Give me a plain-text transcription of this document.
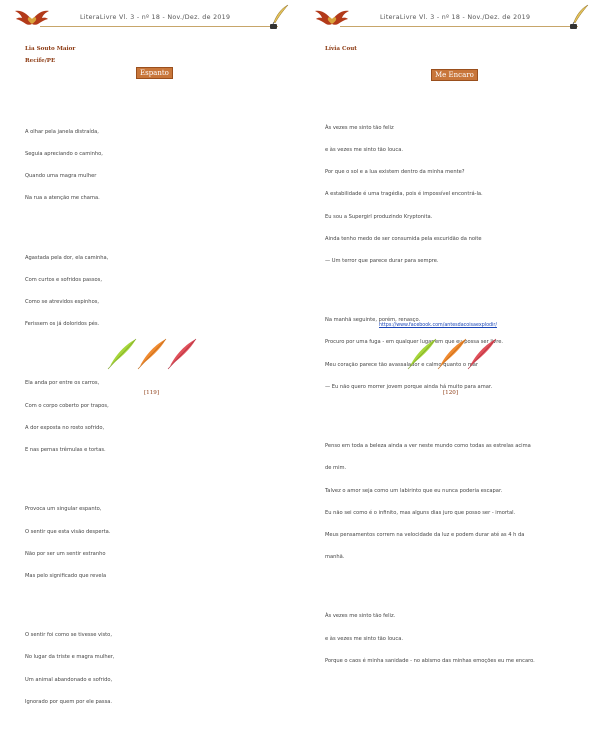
LiteraLivre Vl. 3 - nº 18 - Nov./Dez. de 2019
Lia Souto Maior
Recife/PE
Espanto

A olhar pela janela distraída,

Seguia apreciando o caminho,

Quando uma magra mulher

Na rua a atenção me chama.

Agastada pela dor, ela caminha,

Com curtos e sofridos passos,

Como se atrevidos espinhos,

Ferissem os já doloridos pés.

Ela anda por entre os carros,

Com o corpo coberto por trapos,

A dor exposta no rosto sofrido,

E nas pernas trêmulas e tortas.

Provoca um singular espanto,

O sentir que esta visão desperta.

Não por ser um sentir estranho

Mas pelo significado que revela

O sentir foi como se tivesse visto,

No lugar da triste e magra mulher,

Um animal abandonado e sofrido,

Ignorado por quem por ele passa.

[119]
LiteraLivre Vl. 3 - nº 18 - Nov./Dez. de 2019
Lívia Cout
Me Encaro

Às vezes me sinto tão feliz

e às vezes me sinto tão louca.

Por que o sol e a lua existem dentro da minha mente?

A estabilidade é uma tragédia, pois é impossível encontrá-la.

Eu sou a Supergirl produzindo Kryptonita.

Ainda tenho medo de ser consumida pela escuridão da noite

— Um terror que parece durar para sempre.

Na manhã seguinte, porém, renasço.

Procuro por uma fuga - em qualquer lugar em que eu possa ser livre.

Meu coração parece tão avassalador e calmo quanto o mar

— Eu não quero morrer jovem porque ainda há muito para amar.

Penso em toda a beleza ainda a ver neste mundo como todas as estrelas acima

de mim.

Talvez o amor seja como um labirinto que eu nunca poderia escapar.

Eu não sei como é o infinito, mas alguns dias juro que posso ser - imortal.

Meus pensamentos correm na velocidade da luz e podem durar até as 4 h da

manhã.

Às vezes me sinto tão feliz.

e às vezes me sinto tão louca.

Porque o caos é minha sanidade - no abismo das minhas emoções eu me encaro.

https://www.facebook.com/antesdacoisaexplodir/
[120]
